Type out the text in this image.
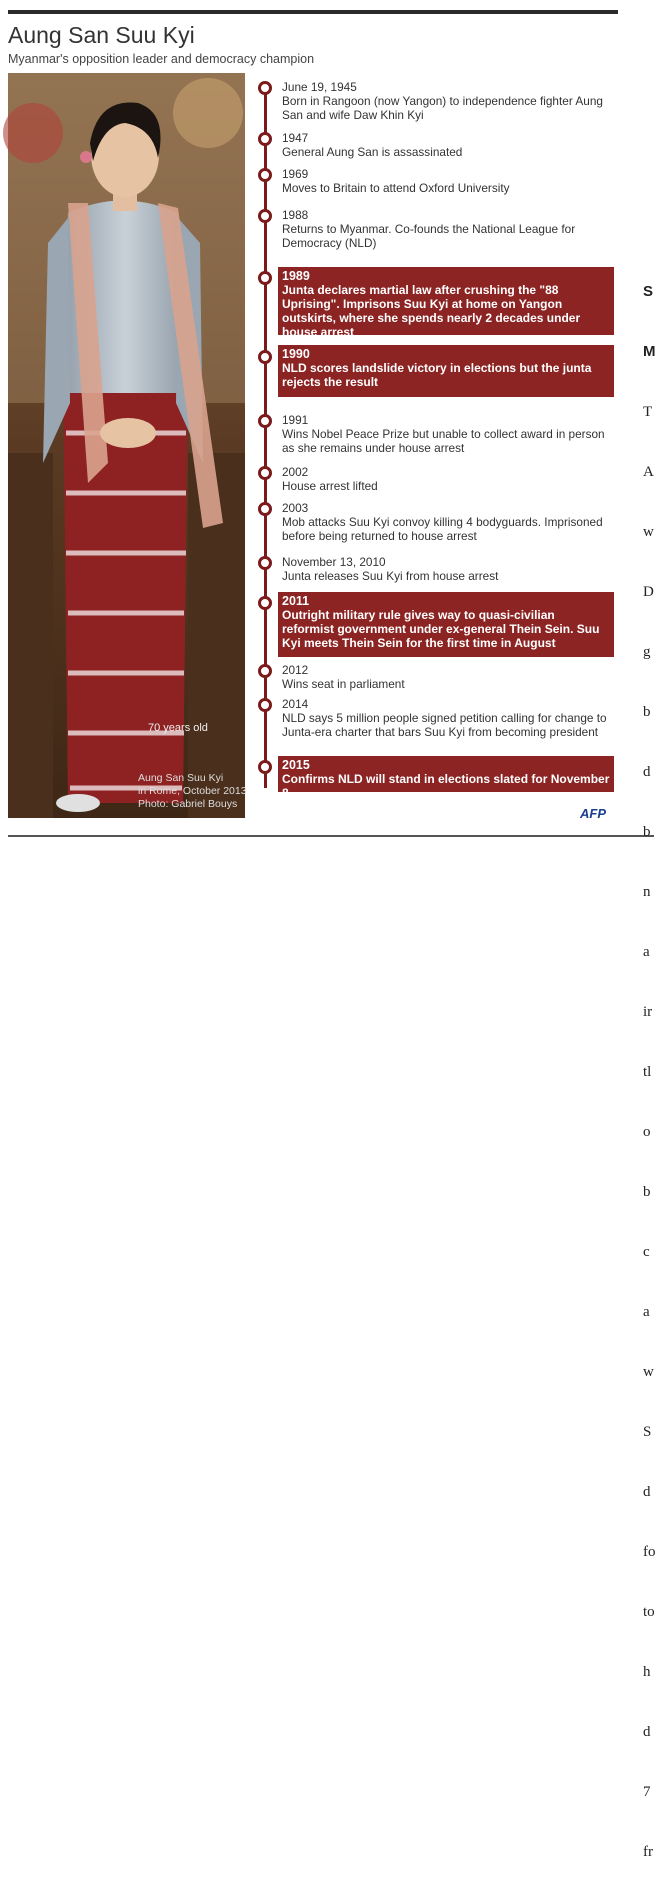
Aung San Suu Kyi
Myanmar's opposition leader and democracy champion
70 years old
Aung San Suu Kyi
in Rome, October 2013
Photo: Gabriel Bouys
June 19, 1945
Born in Rangoon (now Yangon) to independence fighter Aung San and wife Daw Khin Kyi
1947
General Aung San is assassinated
1969
Moves to Britain to attend Oxford University
1988
Returns to Myanmar. Co-founds the National League for Democracy (NLD)
1989
Junta declares martial law after crushing the "88 Uprising". Imprisons Suu Kyi at home on Yangon outskirts, where she spends nearly 2 decades under house arrest
1990
NLD scores landslide victory in elections but the junta rejects the result
1991
Wins Nobel Peace Prize but unable to collect award in person as she remains under house arrest
2002
House arrest lifted
2003
Mob attacks Suu Kyi convoy killing 4 bodyguards. Imprisoned before being returned to house arrest
November 13, 2010
Junta releases Suu Kyi from house arrest
2011
Outright military rule gives way to quasi-civilian reformist government under ex-general Thein Sein. Suu Kyi meets Thein Sein for the first time in August
2012
Wins seat in parliament
2014
NLD says 5 million people signed petition calling for change to Junta-era charter that bars Suu Kyi from becoming president
2015
Confirms NLD will stand in elections slated for November 8
AFP

S

M

T

A

w

D

g

b

d

b

n

a

ir

tl

o

b

c

a

w

S

d

fo

to

h

d

7

fr
